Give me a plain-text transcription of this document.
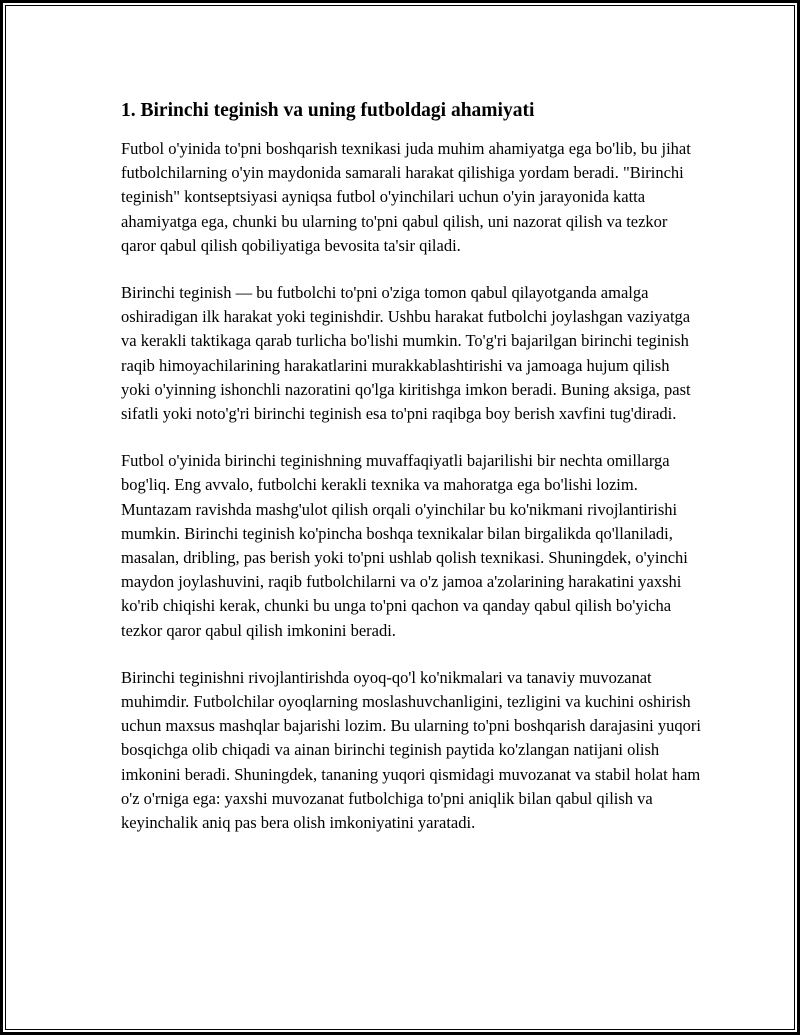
1. Birinchi teginish va uning futboldagi ahamiyati

Futbol o'yinida to'pni boshqarish texnikasi juda muhim ahamiyatga ega bo'lib, bu jihat futbolchilarning o'yin maydonida samarali harakat qilishiga yordam beradi. "Birinchi teginish" kontseptsiyasi ayniqsa futbol o'yinchilari uchun o'yin jarayonida katta ahamiyatga ega, chunki bu ularning to'pni qabul qilish, uni nazorat qilish va tezkor qaror qabul qilish qobiliyatiga bevosita ta'sir qiladi.

Birinchi teginish — bu futbolchi to'pni o'ziga tomon qabul qilayotganda amalga oshiradigan ilk harakat yoki teginishdir. Ushbu harakat futbolchi joylashgan vaziyatga va kerakli taktikaga qarab turlicha bo'lishi mumkin. To'g'ri bajarilgan birinchi teginish raqib himoyachilarining harakatlarini murakkablashtirishi va jamoaga hujum qilish yoki o'yinning ishonchli nazoratini qo'lga kiritishga imkon beradi. Buning aksiga, past sifatli yoki noto'g'ri birinchi teginish esa to'pni raqibga boy berish xavfini tug'diradi.

Futbol o'yinida birinchi teginishning muvaffaqiyatli bajarilishi bir nechta omillarga bog'liq. Eng avvalo, futbolchi kerakli texnika va mahoratga ega bo'lishi lozim. Muntazam ravishda mashg'ulot qilish orqali o'yinchilar bu ko'nikmani rivojlantirishi mumkin. Birinchi teginish ko'pincha boshqa texnikalar bilan birgalikda qo'llaniladi, masalan, dribling, pas berish yoki to'pni ushlab qolish texnikasi. Shuningdek, o'yinchi maydon joylashuvini, raqib futbolchilarni va o'z jamoa a'zolarining harakatini yaxshi ko'rib chiqishi kerak, chunki bu unga to'pni qachon va qanday qabul qilish bo'yicha tezkor qaror qabul qilish imkonini beradi.

Birinchi teginishni rivojlantirishda oyoq-qo'l ko'nikmalari va tanaviy muvozanat muhimdir. Futbolchilar oyoqlarning moslashuvchanligini, tezligini va kuchini oshirish uchun maxsus mashqlar bajarishi lozim. Bu ularning to'pni boshqarish darajasini yuqori bosqichga olib chiqadi va ainan birinchi teginish paytida ko'zlangan natijani olish imkonini beradi. Shuningdek, tananing yuqori qismidagi muvozanat va stabil holat ham o'z o'rniga ega: yaxshi muvozanat futbolchiga to'pni aniqlik bilan qabul qilish va keyinchalik aniq pas bera olish imkoniyatini yaratadi.
